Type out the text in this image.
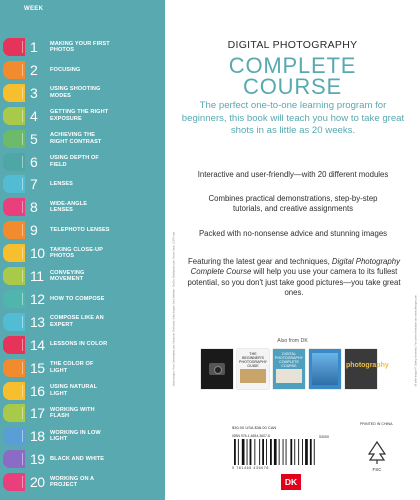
WEEK
1	MAKING YOUR FIRST PHOTOS
2	FOCUSING
3	USING SHOOTING MODES
4	GETTING THE RIGHT EXPOSURE
5	ACHIEVING THE RIGHT CONTRAST
6	USING DEPTH OF FIELD
7	LENSES
8	WIDE-ANGLE LENSES
9	TELEPHOTO LENSES
10 TAKING CLOSE-UP PHOTOS
11	CONVEYING MOVEMENT
12 HOW TO COMPOSE
13 COMPOSE LIKE AN EXPERT
14 LESSONS IN COLOR
15 THE COLOR OF LIGHT
16 USING NATURAL LIGHT
17 WORKING WITH FLASH
18 WORKING IN LOW LIGHT
19 BLACK AND WHITE
20 WORKING ON A PROJECT
DIGITAL PHOTOGRAPHY
COMPLETE
COURSE
The perfect one-to-one learning program for beginners, this book will teach you how to take great shots in as little as 20 weeks.
Interactive and user-friendly—with 20 different modules
Combines practical demonstrations, step-by-step tutorials, and creative assignments
Packed with no-nonsense advice and stunning images
Featuring the latest gear and techniques, Digital Photography Complete Course will help you use your camera to its fullest potential, so you don't just take good pictures—you take great ones.
Also from DK
THE BEGINNER'S PHOTOGRAPHY GUIDE
DIGITAL PHOTOGRAPHY COMPLETE COURSE	photography
Jacket images: Front: Dreamstime.com: Alexander Chizhenok; Getty Images: Jens Beierlein / EyeEm; iStockphoto.com: Freder; Back: 123RF.com	All other images © Dorling Kindersley. For further information see: www.dkimages.com
$30.00 USA $38.00 CAN
PRINTED IN CHINA
ISBN 978-1-4654-3607-8
9 781465 436078
53000
FSC
DK
